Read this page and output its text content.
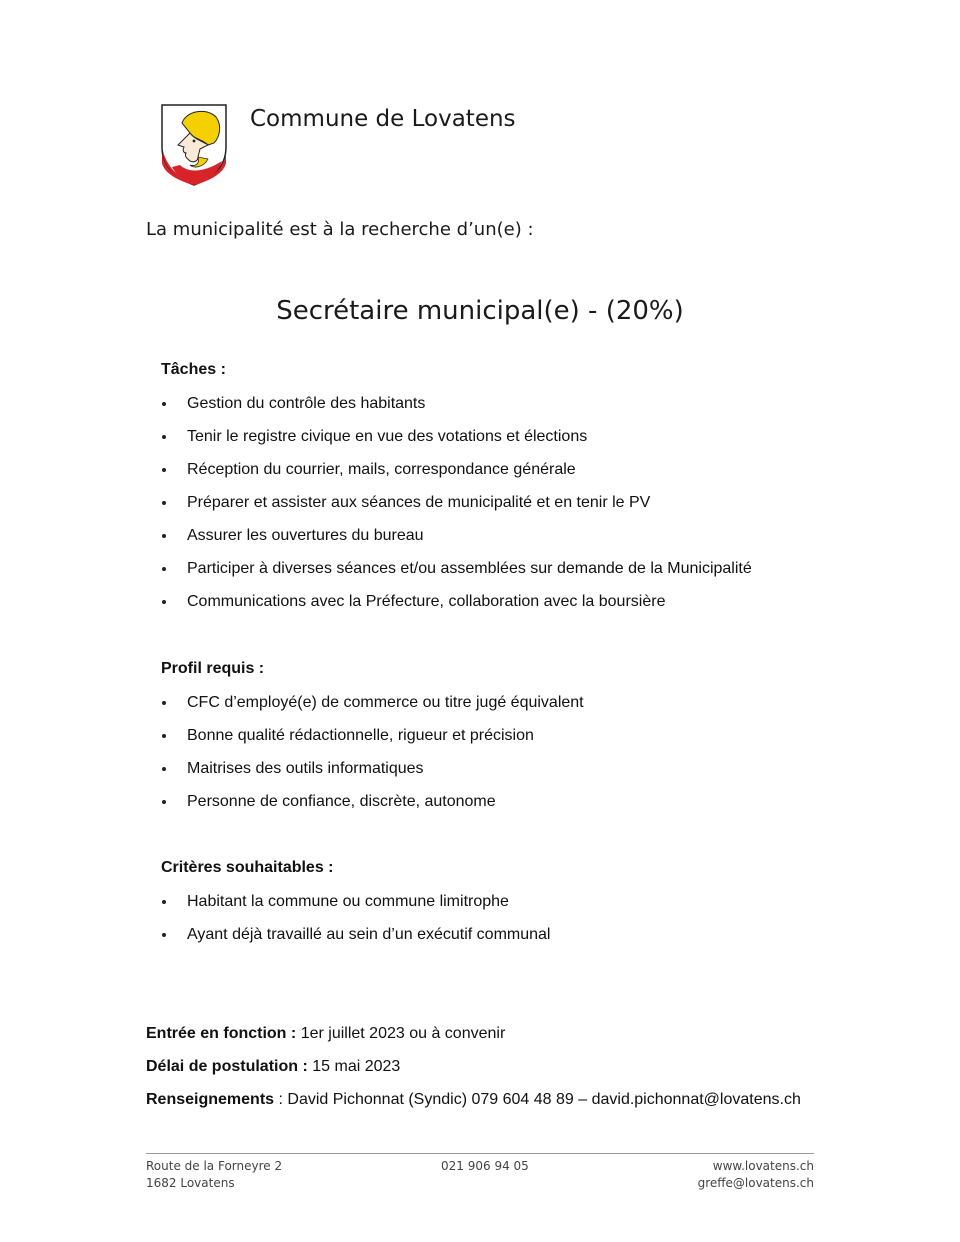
Commune de Lovatens
La municipalité est à la recherche d’un(e) :
Secrétaire municipal(e) - (20%)
Tâches :
Gestion du contrôle des habitants
Tenir le registre civique en vue des votations et élections
Réception du courrier, mails, correspondance générale
Préparer et assister aux séances de municipalité et en tenir le PV
Assurer les ouvertures du bureau
Participer à diverses séances et/ou assemblées sur demande de la Municipalité
Communications avec la Préfecture, collaboration avec la boursière
Profil requis :
CFC d’employé(e) de commerce ou titre jugé équivalent
Bonne qualité rédactionnelle, rigueur et précision
Maitrises des outils informatiques
Personne de confiance, discrète, autonome
Critères souhaitables :
Habitant la commune ou commune limitrophe
Ayant déjà travaillé au sein d’un exécutif communal
Entrée en fonction : 1er juillet 2023 ou à convenir
Délai de postulation : 15 mai 2023
Renseignements : David Pichonnat (Syndic) 079 604 48 89 – david.pichonnat@lovatens.ch
Route de la Forneyre 2
1682 Lovatens
021 906 94 05	www.lovatens.ch
greffe@lovatens.ch
